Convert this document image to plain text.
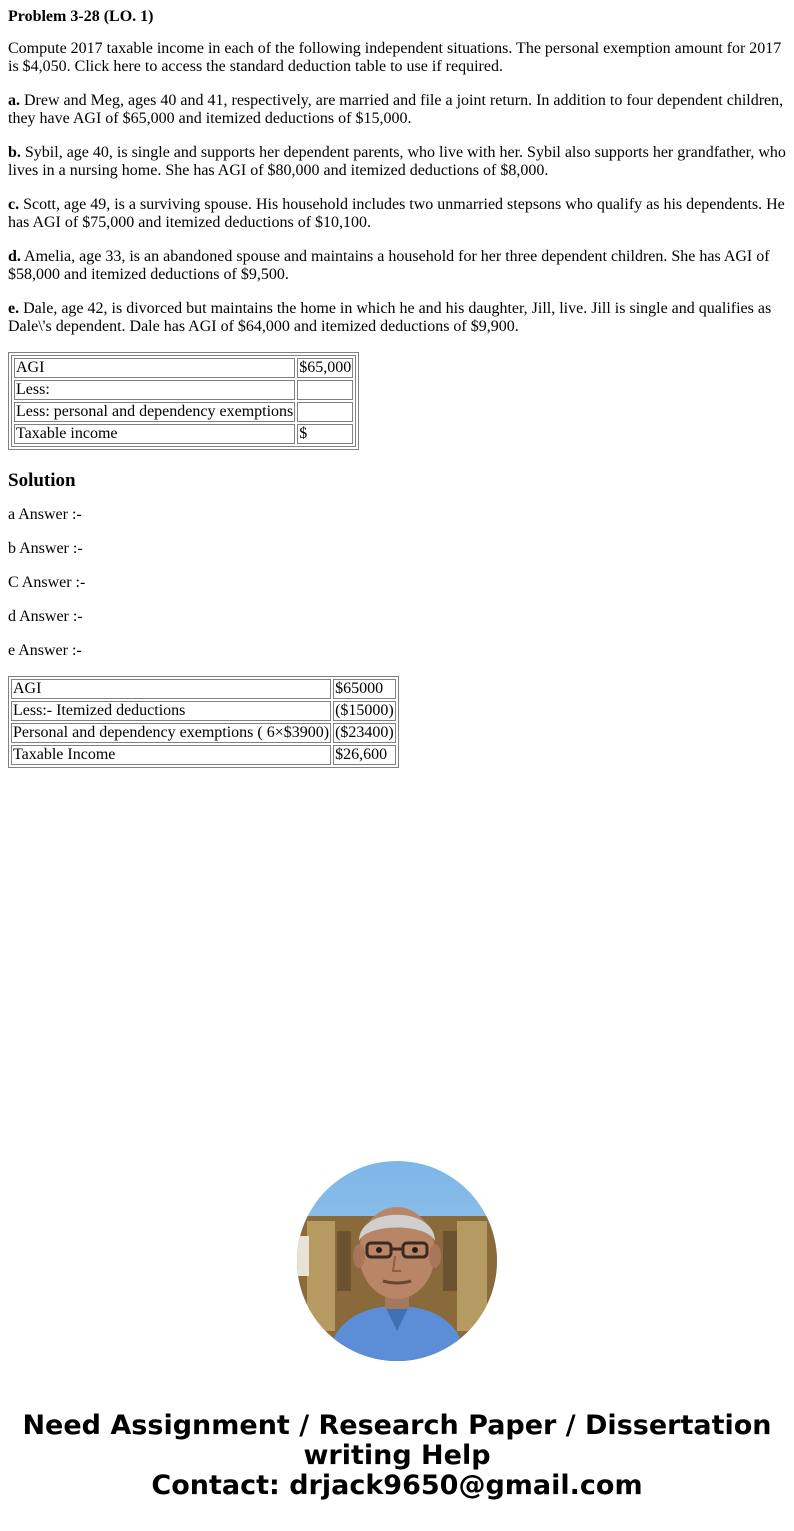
Problem 3-28 (LO. 1)

Compute 2017 taxable income in each of the following independent situations. The personal exemption amount for 2017 is $4,050. Click here to access the standard deduction table to use if required.

a. Drew and Meg, ages 40 and 41, respectively, are married and file a joint return. In addition to four dependent children, they have AGI of $65,000 and itemized deductions of $15,000.

b. Sybil, age 40, is single and supports her dependent parents, who live with her. Sybil also supports her grandfather, who lives in a nursing home. She has AGI of $80,000 and itemized deductions of $8,000.

c. Scott, age 49, is a surviving spouse. His household includes two unmarried stepsons who qualify as his dependents. He has AGI of $75,000 and itemized deductions of $10,100.

d. Amelia, age 33, is an abandoned spouse and maintains a household for her three dependent children. She has AGI of $58,000 and itemized deductions of $9,500.

e. Dale, age 42, is divorced but maintains the home in which he and his daughter, Jill, live. Jill is single and qualifies as Dale\'s dependent. Dale has AGI of $64,000 and itemized deductions of $9,900.

AGI	$65,000
Less:	
Less: personal and dependency exemptions	
Taxable income	$
Solution

a Answer :-

b Answer :-

C Answer :-

d Answer :-

e Answer :-

AGI	$65000
Less:- Itemized deductions	($15000)
Personal and dependency exemptions ( 6×$3900)	($23400)
Taxable Income	$26,600
Need Assignment / Research Paper / Dissertation
writing Help
Contact: drjack9650@gmail.com
